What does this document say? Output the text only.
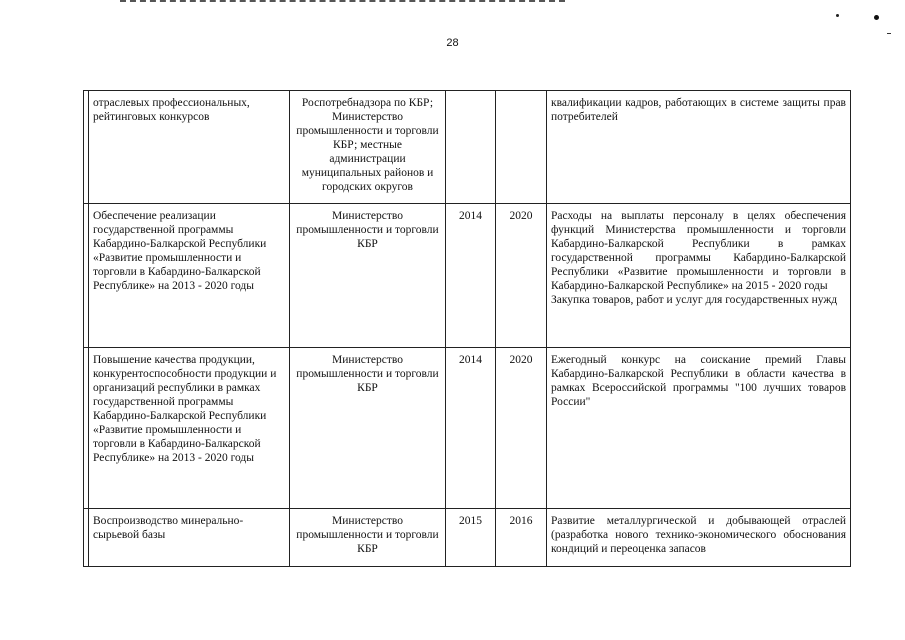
28
	отраслевых профессиональных, рейтинговых конкурсов	Роспотребнадзора по КБР; Министерство промышленности и торговли КБР; местные администрации муниципальных районов и городских округов			квалификации кадров, работающих в системе защиты прав потребителей

	Обеспечение реализации государственной программы Кабардино-Балкарской Республики «Развитие промышленности и торговли в Кабардино-Балкарской Республике» на 2013 - 2020 годы	Министерство промышленности и торговли КБР	2014	2020	Расходы на выплаты персоналу в целях обеспечения функций Министерства промышленности и торговли Кабардино-Балкарской Республики в рамках государственной программы Кабардино-Балкарской Республики «Развитие промышленности и торговли в Кабардино-Балкарской Республике» на 2015 - 2020 годы

Закупка товаров, работ и услуг для государственных нужд

	Повышение качества продукции, конкурентоспособности продукции и организаций республики в рамках государственной программы Кабардино-Балкарской Республики «Развитие промышленности и торговли в Кабардино-Балкарской Республике» на 2013 - 2020 годы	Министерство промышленности и торговли КБР	2014	2020	Ежегодный конкурс на соискание премий Главы Кабардино-Балкарской Республики в области качества в рамках Всероссийской программы "100 лучших товаров России"

	Воспроизводство минерально-сырьевой базы	Министерство промышленности и торговли КБР	2015	2016	Развитие металлургической и добывающей отраслей (разработка нового технико-экономического обоснования кондиций и переоценка запасов
